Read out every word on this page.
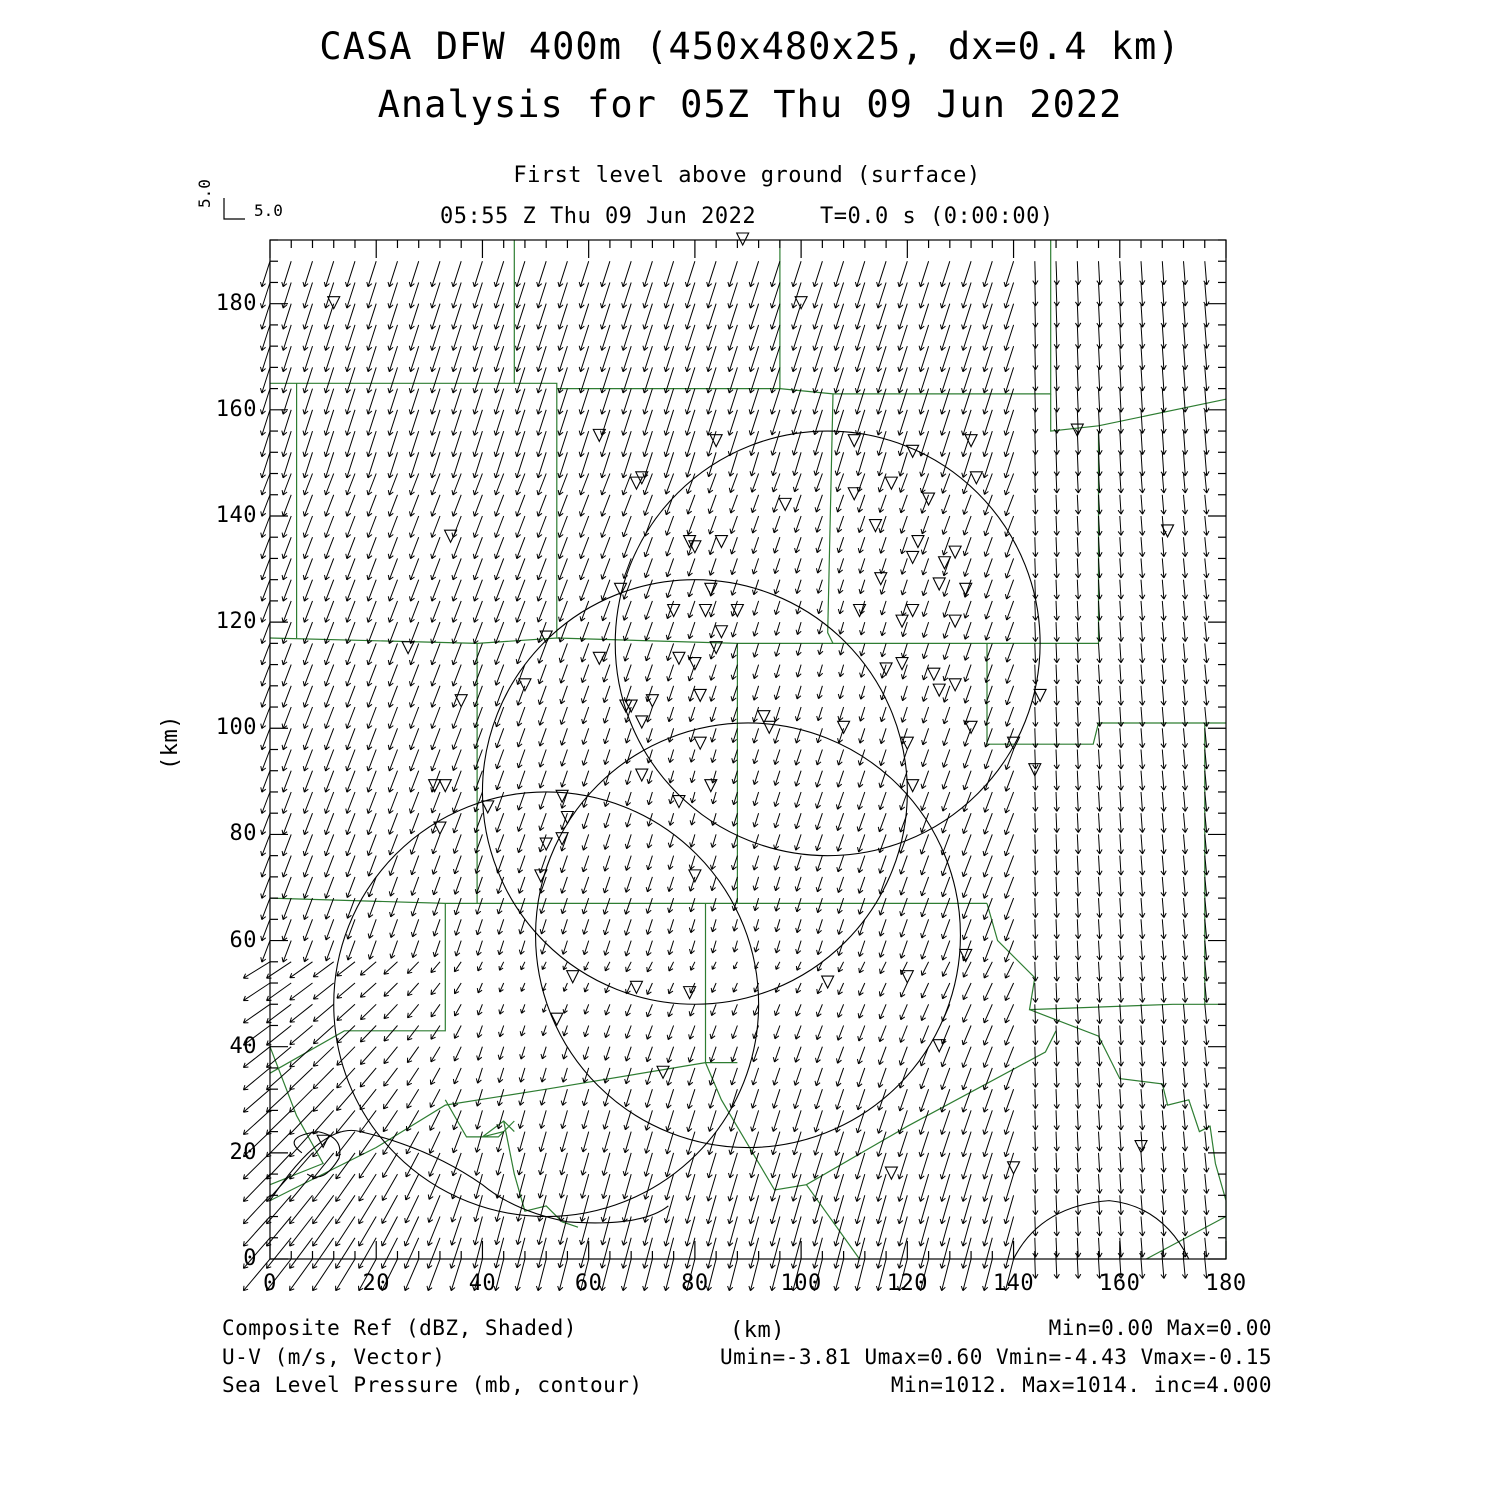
CASA DFW 400m (450x480x25, dx=0.4 km)
Analysis for 05Z Thu 09 Jun 2022
First level above ground (surface)
05:55 Z Thu 09 Jun 2022	T=0.0 s (0:00:00)
5.0
5.0
0	20	40	60	80	100	120	140	160	180
0
20
40
60
80
100
120
140
160
180
(km)
(km)
Composite Ref (dBZ, Shaded)	Min=0.00 Max=0.00
U-V (m/s, Vector)	Umin=-3.81 Umax=0.60 Vmin=-4.43 Vmax=-0.15
Sea Level Pressure (mb, contour)	Min=1012. Max=1014. inc=4.000
